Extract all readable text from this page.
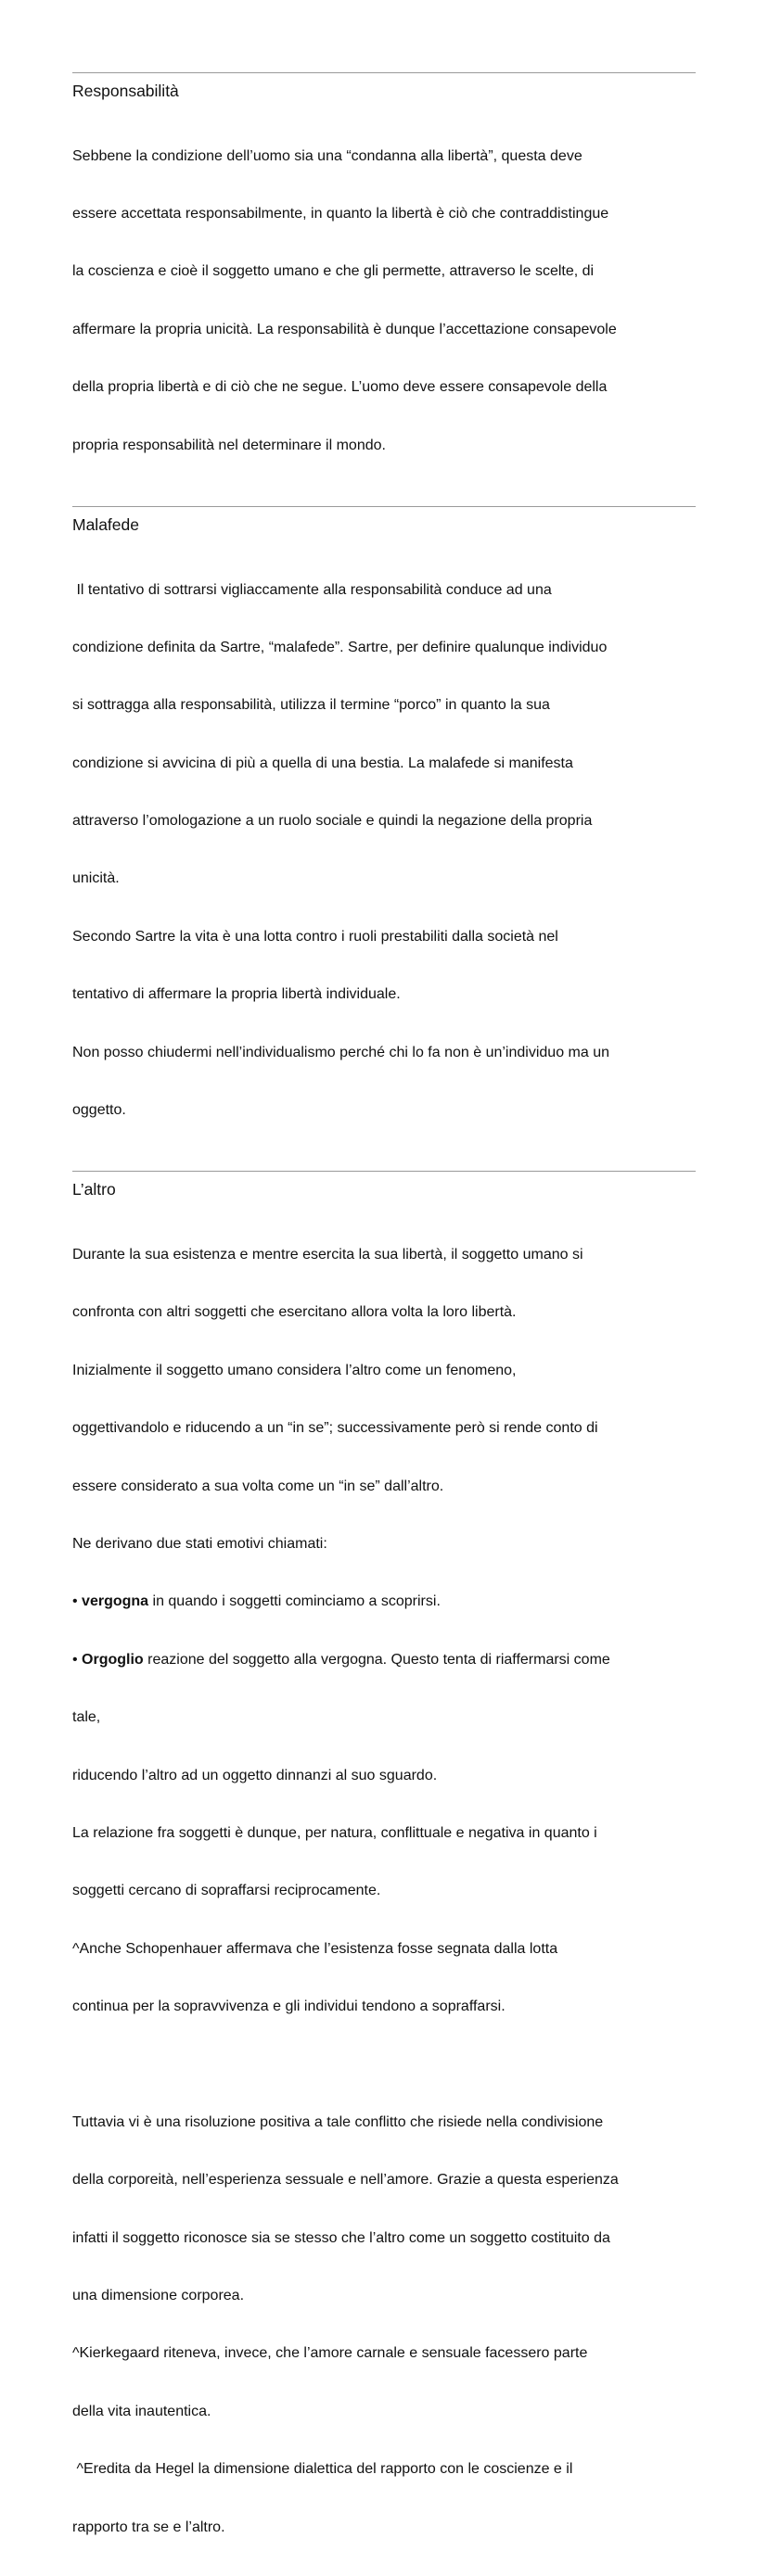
Responsabilità

Sebbene la condizione dell’uomo sia una “condanna alla libertà”, questa deve

essere accettata responsabilmente, in quanto la libertà è ciò che contraddistingue

la coscienza e cioè il soggetto umano e che gli permette, attraverso le scelte, di

affermare la propria unicità. La responsabilità è dunque l’accettazione consapevole

della propria libertà e di ciò che ne segue. L’uomo deve essere consapevole della

propria responsabilità nel determinare il mondo.

Malafede

Il tentativo di sottrarsi vigliaccamente alla responsabilità conduce ad una

condizione definita da Sartre, “malafede”. Sartre, per definire qualunque individuo

si sottragga alla responsabilità, utilizza il termine “porco” in quanto la sua

condizione si avvicina di più a quella di una bestia. La malafede si manifesta

attraverso l’omologazione a un ruolo sociale e quindi la negazione della propria

unicità.

Secondo Sartre la vita è una lotta contro i ruoli prestabiliti dalla società nel

tentativo di affermare la propria libertà individuale.

Non posso chiudermi nell’individualismo perché chi lo fa non è un’individuo ma un

oggetto.

L’altro

Durante la sua esistenza e mentre esercita la sua libertà, il soggetto umano si

confronta con altri soggetti che esercitano allora volta la loro libertà.

Inizialmente il soggetto umano considera l’altro come un fenomeno,

oggettivandolo e riducendo a un “in se”; successivamente però si rende conto di

essere considerato a sua volta come un “in se” dall’altro.

Ne derivano due stati emotivi chiamati:

• vergogna in quando i soggetti cominciamo a scoprirsi.

• Orgoglio reazione del soggetto alla vergogna. Questo tenta di riaffermarsi come

tale,

riducendo l’altro ad un oggetto dinnanzi al suo sguardo.

La relazione fra soggetti è dunque, per natura, conflittuale e negativa in quanto i

soggetti cercano di sopraffarsi reciprocamente.

^Anche Schopenhauer affermava che l’esistenza fosse segnata dalla lotta

continua per la sopravvivenza e gli individui tendono a sopraffarsi.

Tuttavia vi è una risoluzione positiva a tale conflitto che risiede nella condivisione

della corporeità, nell’esperienza sessuale e nell’amore. Grazie a questa esperienza

infatti il soggetto riconosce sia se stesso che l’altro come un soggetto costituito da

una dimensione corporea.

^Kierkegaard riteneva, invece, che l’amore carnale e sensuale facessero parte

della vita inautentica.

^Eredita da Hegel la dimensione dialettica del rapporto con le coscienze e il

rapporto tra se e l’altro.
